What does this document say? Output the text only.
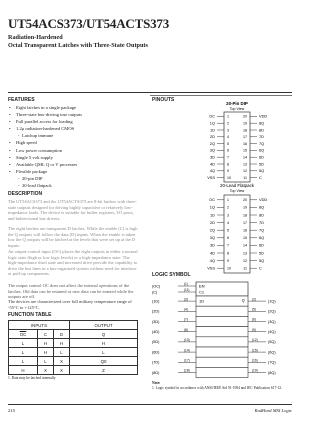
UT54ACS373/UT54ACTS373
Radiation-Hardened
Octal Transparent Latches with Three-State Outputs
FEATURES
• Eight latches in a single package
• Three-state bus-driving true outputs
• Full parallel access for loading
• 1.2μ radiation-hardened CMOS
- Latchup immune
• High speed
• Low power consumption
• Single 5 volt supply
• Available QML Q or V processes
• Flexible package
- 20-pin DIP
- 20-lead flatpack
DESCRIPTION
The UT54ACS373 and the UT54ACTS373 are 8-bit latches with three-state outputs designed for driving highly capacitive or relatively low-impedance loads. The device is suitable for buffer registers, I/O ports, and bidirectional bus drivers.
The eight latches are transparent D latches. While the enable (C) is high the Q outputs will follow the data (D) inputs. When the enable is taken low the Q outputs will be latched at the levels that were set up at the D inputs.
An output-control input (OC) places the eight outputs in either a normal logic state (high or low logic levels) or a high-impedance state. The high-impedance third state and increased drive provide the capability to drive the bus lines in a bus-organized system without need for interface or pull-up components.
The output control OC does not affect the internal operations of the latches. Old data can be retained or new data can be entered while the outputs are off.
The devices are characterized over full military temperature range of -55°C to +125°C.
FUNCTION TABLE
INPUTS			OUTPUT
$\overline{OC}$	C	D	Q
L	H	H	H
L	H	L	L
L	L	X	Q0
H	X	X	Z
1. Data may be latched internally
PINOUTS
20-Pin DIP
Top View
OC	1	20	VDD
1Q	2	19	8Q
1D	3	18	8D
2D	4	17	7D
2Q	5	16	7Q
3Q	6	15	6Q
3D	7	14	6D
4D	8	13	5D
4Q	9	12	5Q
VSS	10	11	C
20-Lead Flatpack
Top View
OC	1	20	VDD
1Q	2	19	8Q
1D	3	18	8D
2D	4	17	7D
2Q	5	16	7Q
3Q	6	15	6Q
3D	7	14	6D
4D	8	13	5D
4Q	9	12	5Q
VSS	10	11	C
LOGIC SYMBOL
EN
C1
(OC)
(1)
(C)
(11)
(1D)
(3)	(2)
(1Q)
1D	∇
(2D)
(4)	(5)
(2Q)
(3D)
(7)	(6)
(3Q)
(4D)
(8)	(9)
(4Q)
(5D)
(13)	(12)
(5Q)
(6D)
(14)	(15)
(6Q)
(7D)
(17)	(16)
(7Q)
(8D)
(18)	(19)
(8Q)
Note:
1. Logic symbol in accordance with ANSI/IEEE Std 91-1984 and IEC Publication 617-12.
215	RadHard MSI Logic
